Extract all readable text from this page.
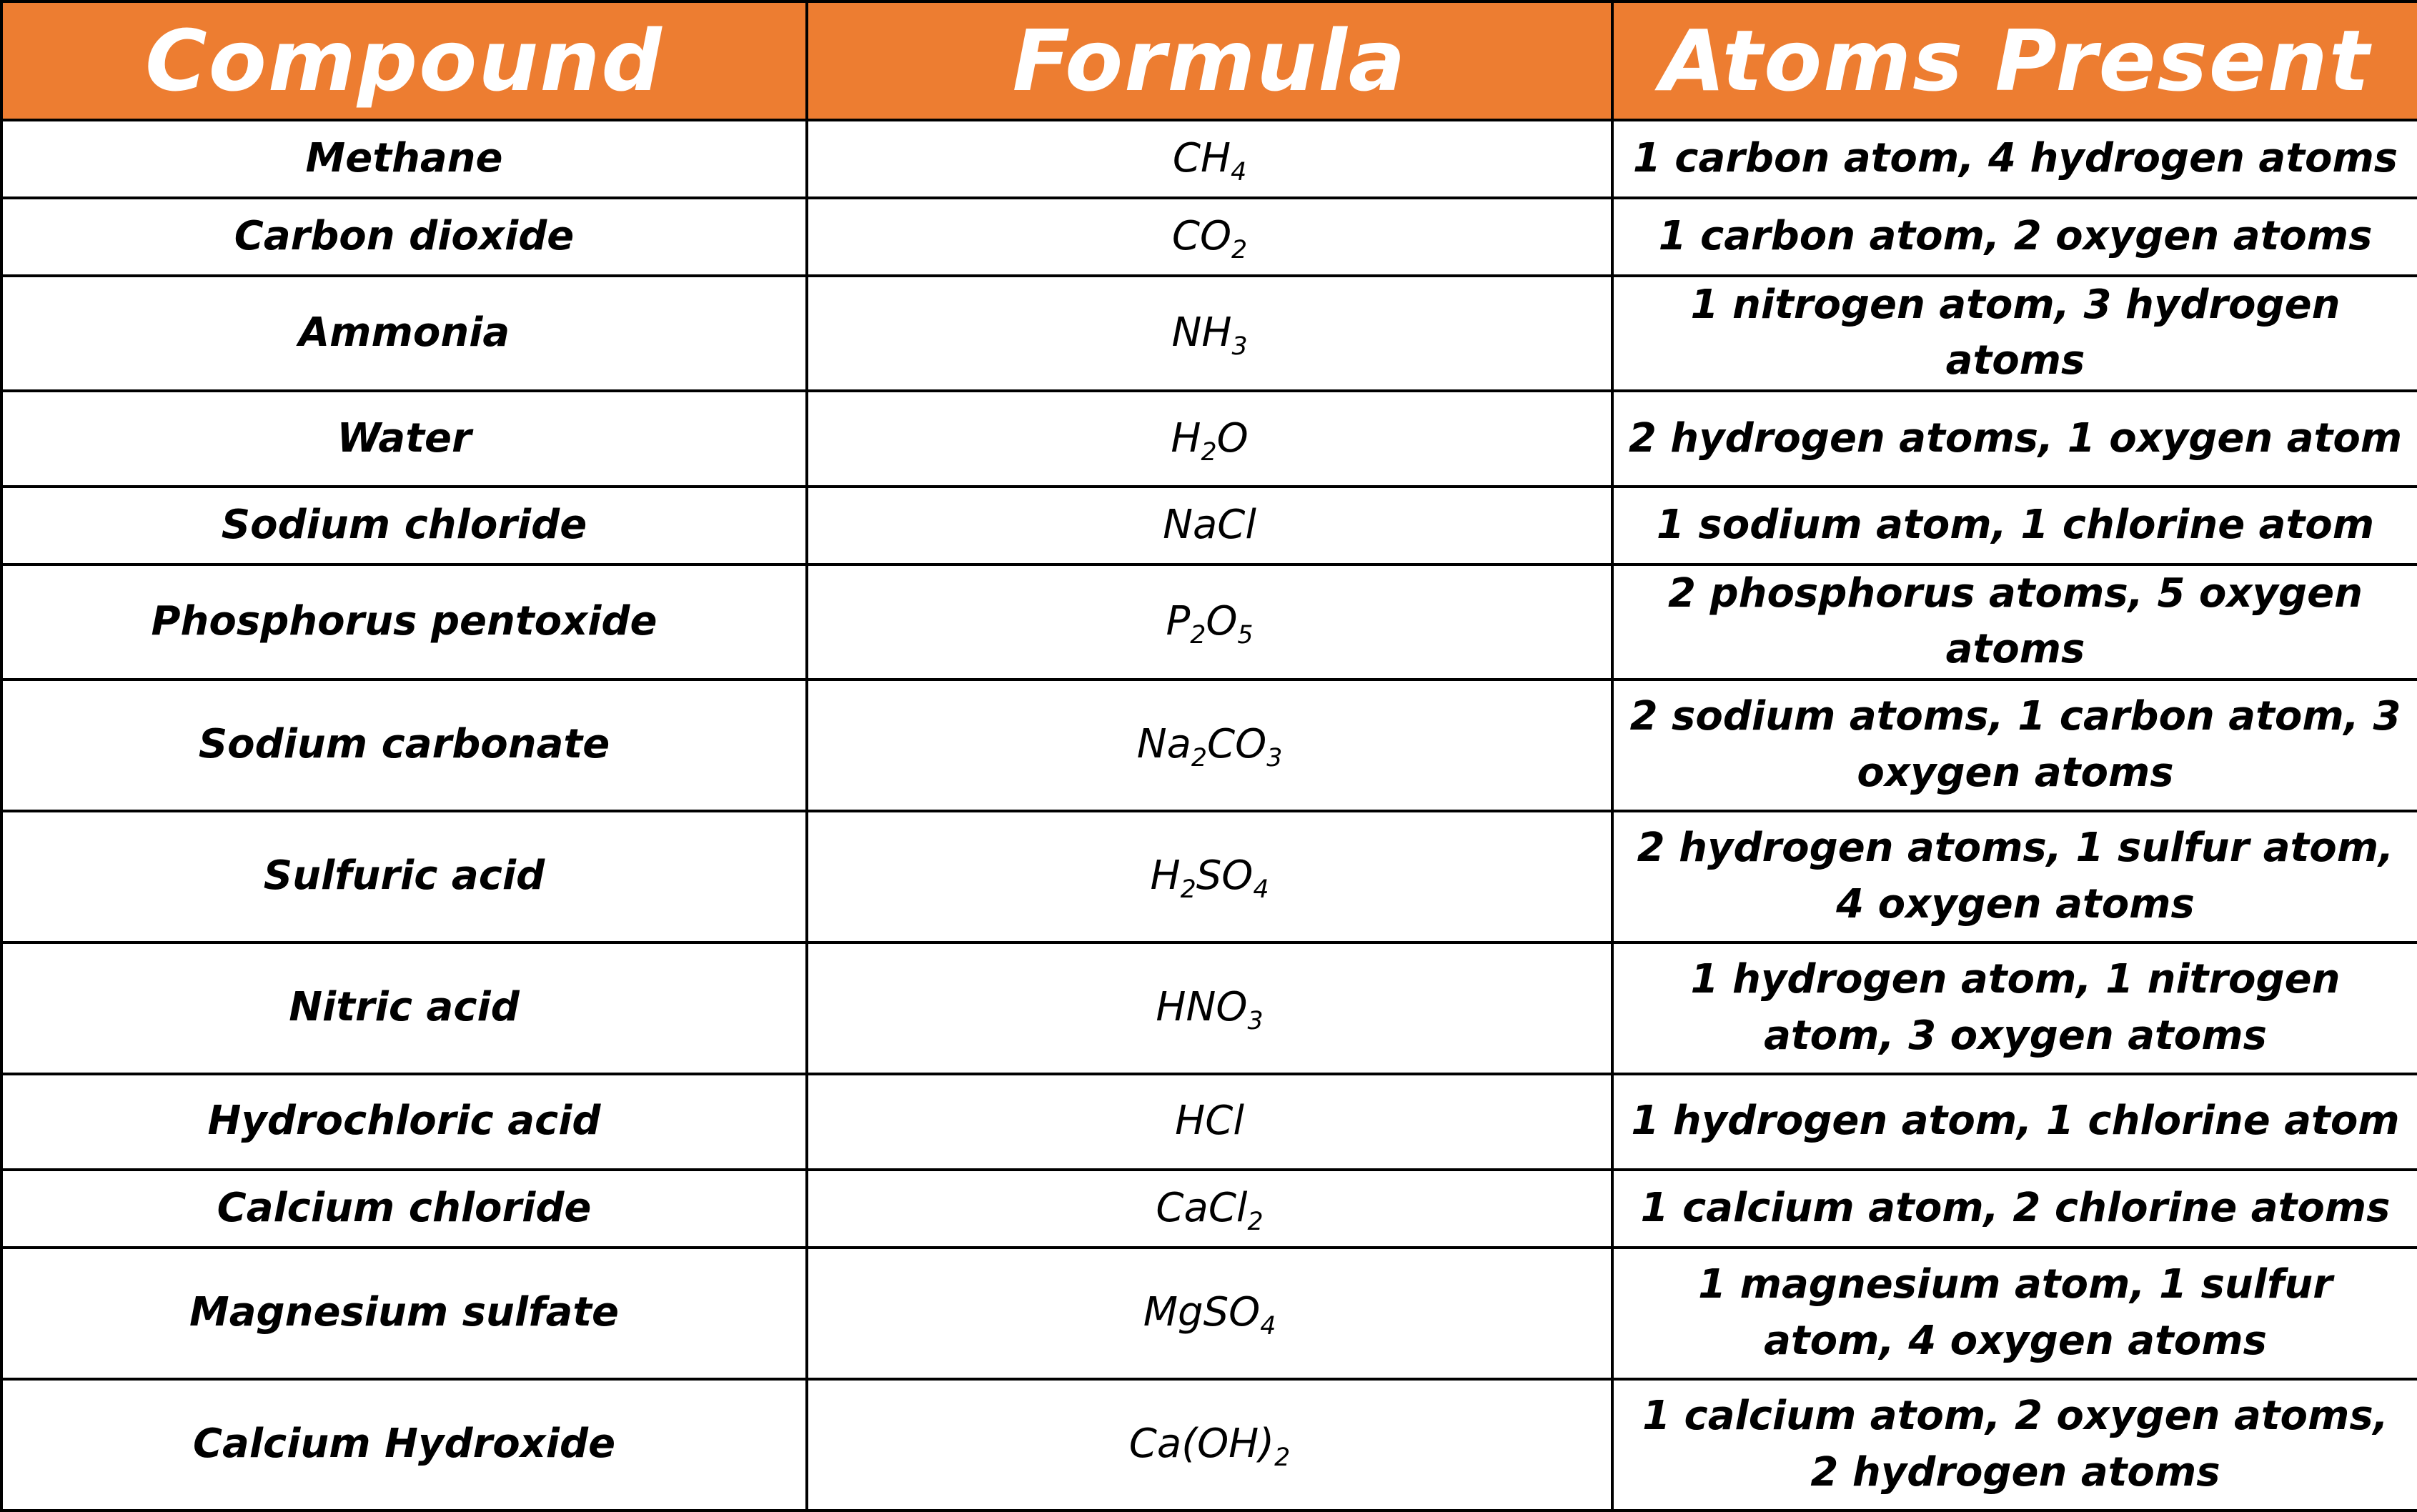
Compound	Formula	Atoms Present
Methane	$CH_4$	1 carbon atom, 4 hydrogen atoms
Carbon dioxide	$CO_2$	1 carbon atom, 2 oxygen atoms
Ammonia	$NH_3$	1 nitrogen atom, 3 hydrogen atoms
Water	$H_2O$	2 hydrogen atoms, 1 oxygen atom
Sodium chloride	NaCl	1 sodium atom, 1 chlorine atom
Phosphorus pentoxide	$P_2O_5$	2 phosphorus atoms, 5 oxygen atoms
Sodium carbonate	$Na_2CO_3$	2 sodium atoms, 1 carbon atom, 3 oxygen atoms
Sulfuric acid	$H_2SO_4$	2 hydrogen atoms, 1 sulfur atom, 4 oxygen atoms
Nitric acid	$HNO_3$	1 hydrogen atom, 1 nitrogen atom, 3 oxygen atoms
Hydrochloric acid	HCl	1 hydrogen atom, 1 chlorine atom
Calcium chloride	CaCl$_2$	1 calcium atom, 2 chlorine atoms
Magnesium sulfate	MgSO$_4$	1 magnesium atom, 1 sulfur atom, 4 oxygen atoms
Calcium Hydroxide	$Ca(OH)_2$	1 calcium atom, 2 oxygen atoms, 2 hydrogen atoms
